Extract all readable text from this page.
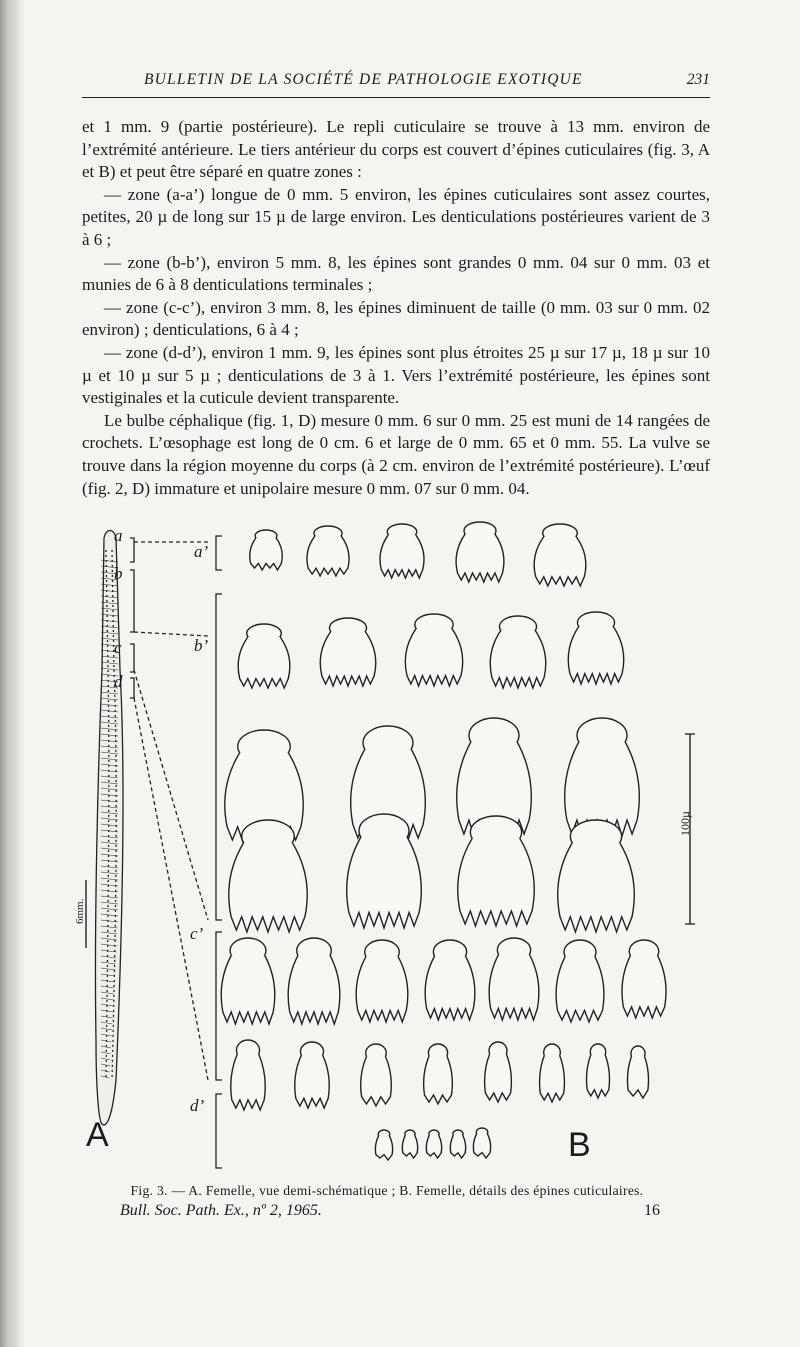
BULLETIN DE LA SOCIÉTÉ DE PATHOLOGIE EXOTIQUE	231

et 1 mm. 9 (partie postérieure). Le repli cuticulaire se trouve à 13 mm. environ de l’extrémité antérieure. Le tiers antérieur du corps est couvert d’épines cuticulaires (fig. 3, A et B) et peut être séparé en quatre zones :

— zone (a-a’) longue de 0 mm. 5 environ, les épines cuticulaires sont assez courtes, petites, 20 µ de long sur 15 µ de large environ. Les denticulations postérieures varient de 3 à 6 ;

— zone (b-b’), environ 5 mm. 8, les épines sont grandes 0 mm. 04 sur 0 mm. 03 et munies de 6 à 8 denticulations terminales ;

— zone (c-c’), environ 3 mm. 8, les épines diminuent de taille (0 mm. 03 sur 0 mm. 02 environ) ; denticulations, 6 à 4 ;

— zone (d-d’), environ 1 mm. 9, les épines sont plus étroites 25 µ sur 17 µ, 18 µ sur 10 µ et 10 µ sur 5 µ ; denticulations de 3 à 1. Vers l’extrémité postérieure, les épines sont vestiginales et la cuticule devient transparente.

Le bulbe céphalique (fig. 1, D) mesure 0 mm. 6 sur 0 mm. 25 est muni de 14 rangées de crochets. L’œsophage est long de 0 cm. 6 et large de 0 mm. 65 et 0 mm. 55. La vulve se trouve dans la région moyenne du corps (à 2 cm. environ de l’extrémité postérieure). L’œuf (fig. 2, D) immature et unipolaire mesure 0 mm. 07 sur 0 mm. 04.

a
b
c
d
a’
b’
c’
d’
6mm.
100µ
A	B
Fig. 3. — A. Femelle, vue demi-schématique ; B. Femelle, détails des épines cuticulaires.
Bull. Soc. Path. Ex., nº 2, 1965.	16
